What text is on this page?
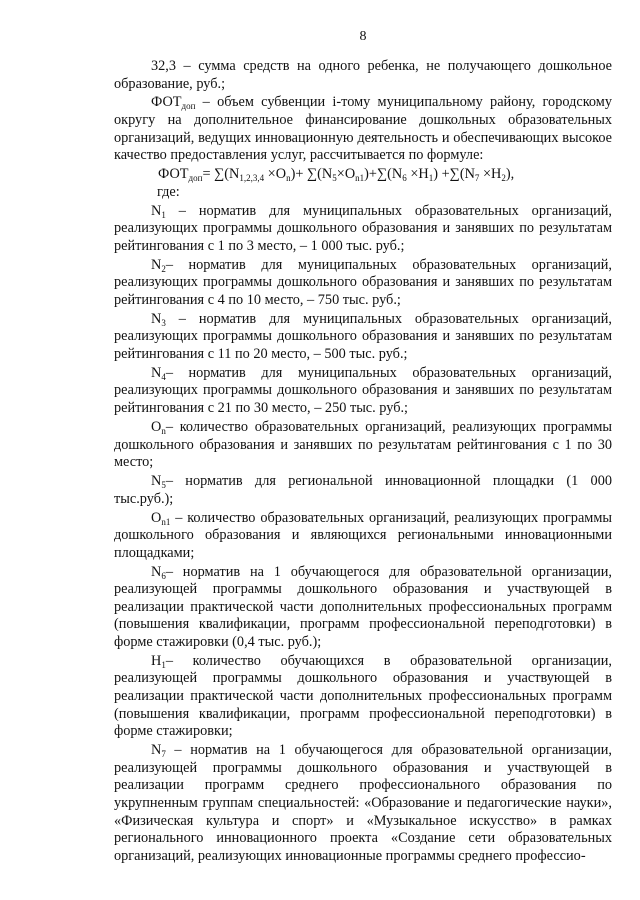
8

32,3 – сумма средств на одного ребенка, не получающего дошкольное образование, руб.;

$ФОТ_{доп}$ – объем субвенции i-тому муниципальному району, городскому округу на дополнительное финансирование дошкольных образовательных организаций, ведущих инновационную деятельность и обеспечивающих высокое качество предоставления услуг, рассчитывается по формуле:

$ФОТ_{доп}= \sum(N_{1,2,3,4} \times O_n)+ \sum(N_5\times O_{n1})+\sum(N_6 \times H_1) +\sum(N_7 \times H_2)$,

где:

$N_1$ – норматив для муниципальных образовательных организаций, реализующих программы дошкольного образования и занявших по результатам рейтингования с 1 по 3 место, – 1 000 тыс. руб.;

$N_2-$ норматив для муниципальных образовательных организаций, реализующих программы дошкольного образования и занявших по результатам рейтингования с 4 по 10 место, – 750 тыс. руб.;

$N_3$ – норматив для муниципальных образовательных организаций, реализующих программы дошкольного образования и занявших по результатам рейтингования с 11 по 20 место, – 500 тыс. руб.;

$N_4-$ норматив для муниципальных образовательных организаций, реализующих программы дошкольного образования и занявших по результатам рейтингования с 21 по 30 место, – 250 тыс. руб.;

$O_n-$ количество образовательных организаций, реализующих программы дошкольного образования и занявших по результатам рейтингования с 1 по 30 место;

$N_5-$ норматив для региональной инновационной площадки (1 000 тыс.руб.);

$O_{n1}$ – количество образовательных организаций, реализующих программы дошкольного образования и являющихся региональными инновационными площадками;

$N_6-$ норматив на 1 обучающегося для образовательной организации, реализующей программы дошкольного образования и участвующей в реализации практической части дополнительных профессиональных программ (повышения квалификации, программ профессиональной переподготовки) в форме стажировки (0,4 тыс. руб.);

$H_1-$ количество обучающихся в образовательной организации, реализующей программы дошкольного образования и участвующей в реализации практической части дополнительных профессиональных программ (повышения квалификации, программ профессиональной переподготовки) в форме стажировки;

$N_7$ – норматив на 1 обучающегося для образовательной организации, реализующей программы дошкольного образования и участвующей в реализации программ среднего профессионального образования по укрупненным группам специальностей: «Образование и педагогические науки», «Физическая культура и спорт» и «Музыкальное искусство» в рамках регионального инновационного проекта «Создание сети образовательных организаций, реализующих инновационные программы среднего профессио-
